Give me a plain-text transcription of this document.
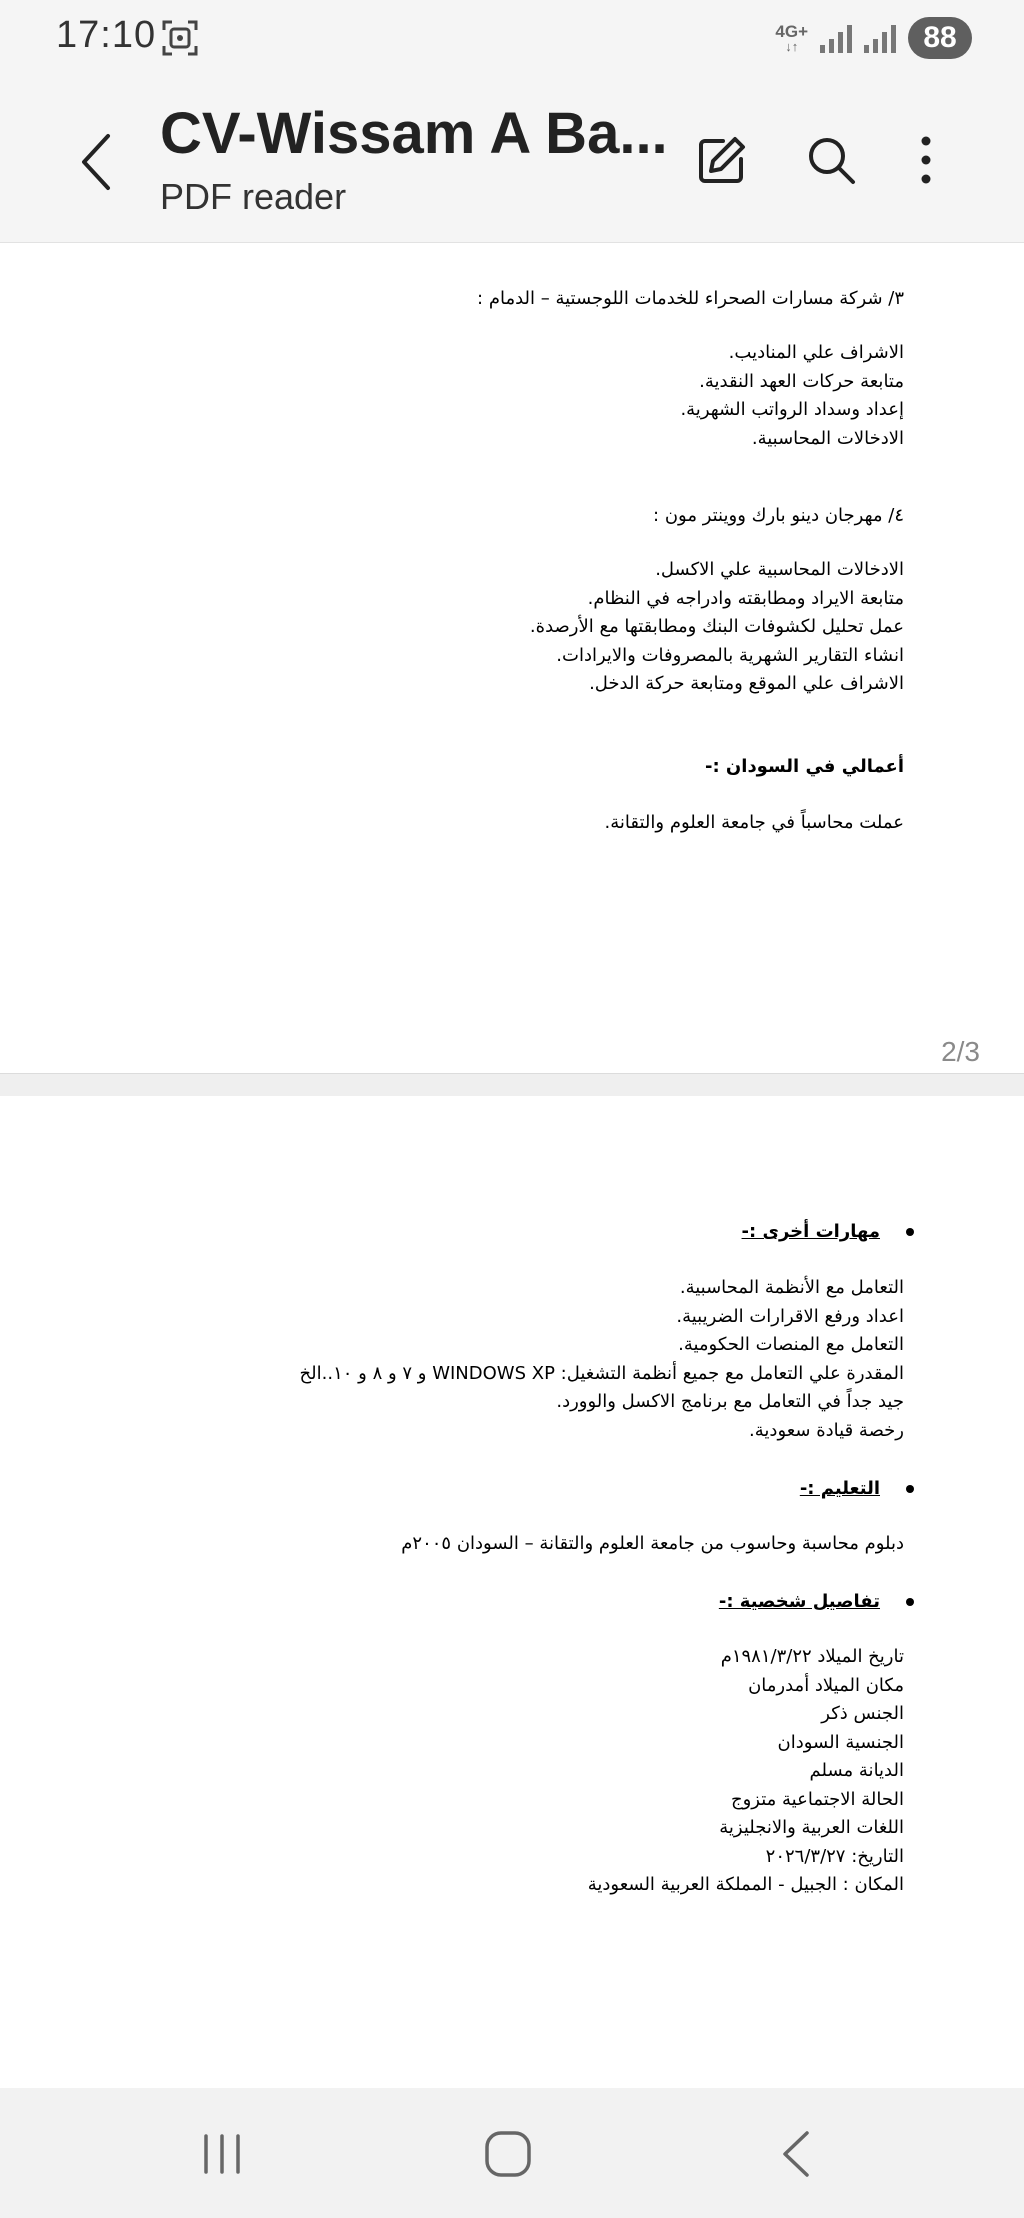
17:10	4G+
↓↑	88
CV-Wissam A Ba...
PDF reader
٣/ شركة مسارات الصحراء للخدمات اللوجستية – الدمام :
الاشراف علي المناديب.
متابعة حركات العهد النقدية.
إعداد وسداد الرواتب الشهرية.
الادخالات المحاسبية.
٤/ مهرجان دينو بارك ووينتر مون :
الادخالات المحاسبية علي الاكسل.
متابعة الايراد ومطابقته وادراجه في النظام.
عمل تحليل لكشوفات البنك ومطابقتها مع الأرصدة.
انشاء التقارير الشهرية بالمصروفات والايرادات.
الاشراف علي الموقع ومتابعة حركة الدخل.
أعمالي في السودان :-
عملت محاسباً في جامعة العلوم والتقانة.
2/3
مهارات أخرى :-
التعامل مع الأنظمة المحاسبية.
اعداد ورفع الاقرارات الضريبية.
التعامل مع المنصات الحكومية.
المقدرة علي التعامل مع جميع أنظمة التشغيل: WINDOWS XP و ٧ و ٨ و ١٠..الخ
جيد جداً في التعامل مع برنامج الاكسل والوورد.
رخصة قيادة سعودية.
التعليم :-
دبلوم محاسبة وحاسوب من جامعة العلوم والتقانة – السودان ٢٠٠٥م
تفاصيل شخصية :-
تاريخ الميلاد ١٩٨١/٣/٢٢م
مكان الميلاد أمدرمان
الجنس ذكر
الجنسية السودان
الديانة مسلم
الحالة الاجتماعية متزوج
اللغات العربية والانجليزية
التاريخ: ٢٠٢٦/٣/٢٧
المكان : الجبيل - المملكة العربية السعودية
